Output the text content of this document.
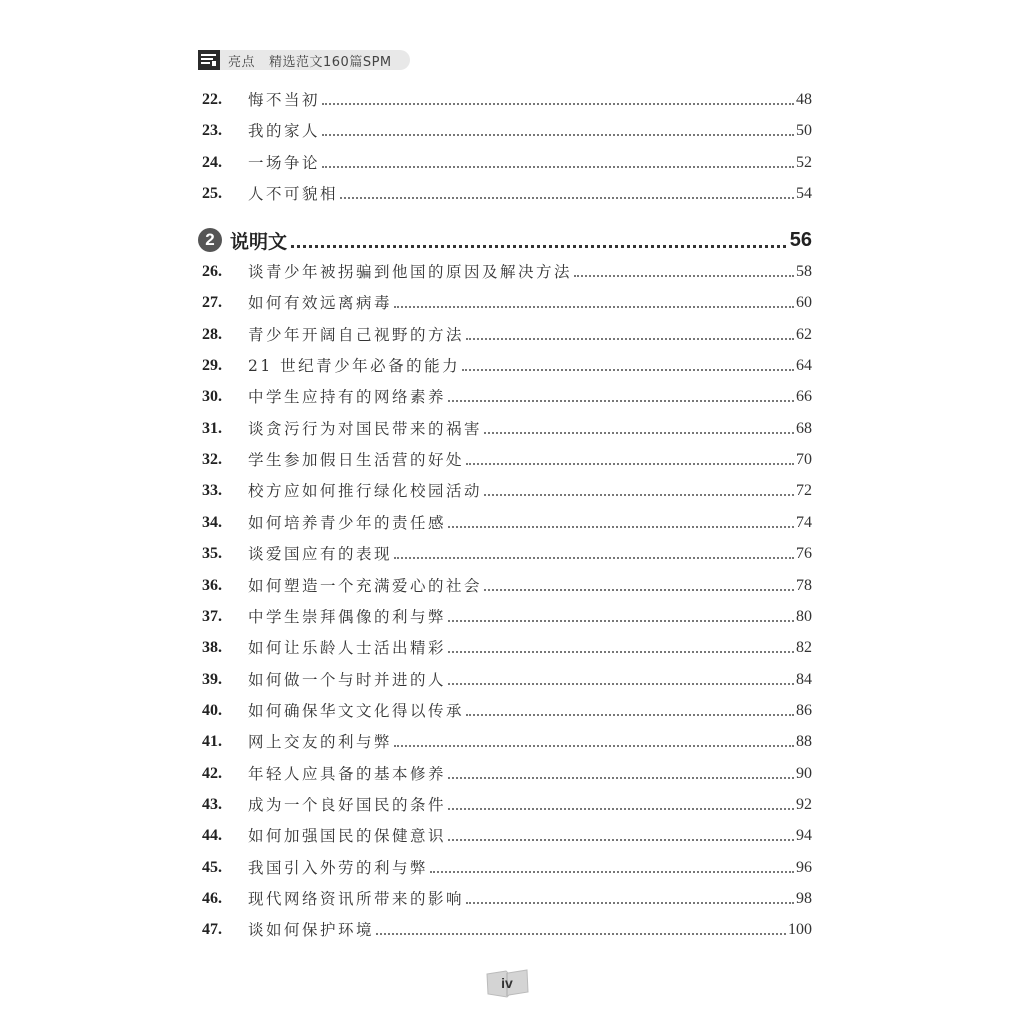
亮点 精选范文160篇SPM
22.	悔不当初	48
23.	我的家人	50
24.	一场争论	52
25.	人不可貌相	54
2 说明文	56
26.	谈青少年被拐骗到他国的原因及解决方法	58
27.	如何有效远离病毒	60
28.	青少年开阔自己视野的方法	62
29.	21 世纪青少年必备的能力	64
30.	中学生应持有的网络素养	66
31.	谈贪污行为对国民带来的祸害	68
32.	学生参加假日生活营的好处	70
33.	校方应如何推行绿化校园活动	72
34.	如何培养青少年的责任感	74
35.	谈爱国应有的表现	76
36.	如何塑造一个充满爱心的社会	78
37.	中学生崇拜偶像的利与弊	80
38.	如何让乐龄人士活出精彩	82
39.	如何做一个与时并进的人	84
40.	如何确保华文文化得以传承	86
41.	网上交友的利与弊	88
42.	年轻人应具备的基本修养	90
43.	成为一个良好国民的条件	92
44.	如何加强国民的保健意识	94
45.	我国引入外劳的利与弊	96
46.	现代网络资讯所带来的影响	98
47.	谈如何保护环境	100
iv
